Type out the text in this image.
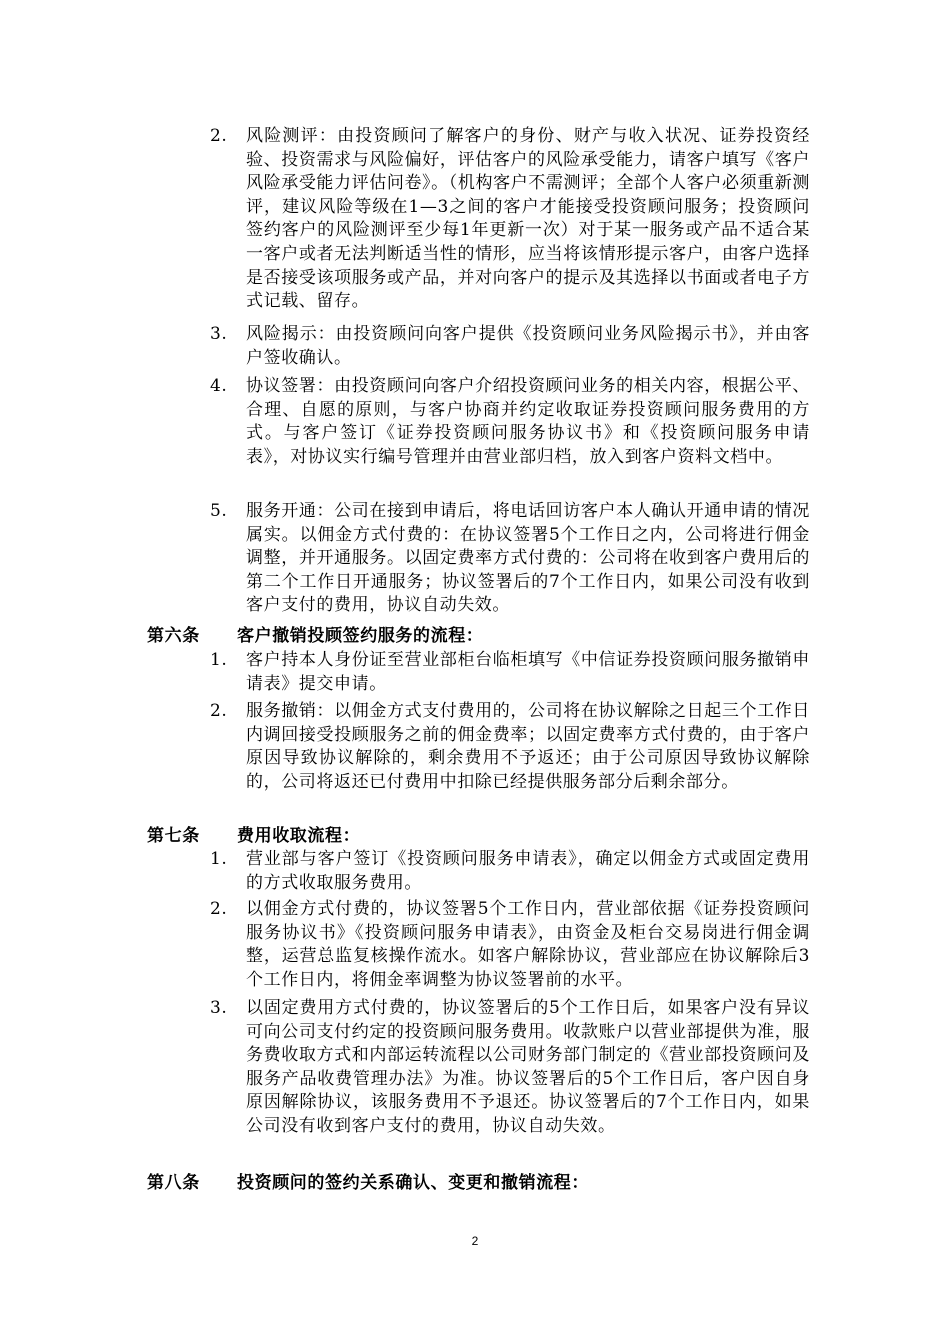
2. 风险测评：由投资顾问了解客户的身份、财产与收入状况、证券投资经验、投资需求与风险偏好，评估客户的风险承受能力，请客户填写《客户风险承受能力评估问卷》。（机构客户不需测评；全部个人客户必须重新测评，建议风险等级在1—3之间的客户才能接受投资顾问服务；投资顾问签约客户的风险测评至少每1年更新一次）对于某一服务或产品不适合某一客户或者无法判断适当性的情形，应当将该情形提示客户，由客户选择是否接受该项服务或产品，并对向客户的提示及其选择以书面或者电子方式记载、留存。
3. 风险揭示：由投资顾问向客户提供《投资顾问业务风险揭示书》，并由客户签收确认。
4. 协议签署：由投资顾问向客户介绍投资顾问业务的相关内容，根据公平、合理、自愿的原则，与客户协商并约定收取证券投资顾问服务费用的方式。与客户签订《证券投资顾问服务协议书》和《投资顾问服务申请表》，对协议实行编号管理并由营业部归档，放入到客户资料文档中。
5. 服务开通：公司在接到申请后，将电话回访客户本人确认开通申请的情况属实。以佣金方式付费的：在协议签署5个工作日之内，公司将进行佣金调整，并开通服务。以固定费率方式付费的：公司将在收到客户费用后的第二个工作日开通服务；协议签署后的7个工作日内，如果公司没有收到客户支付的费用，协议自动失效。
第六条 客户撤销投顾签约服务的流程：
1. 客户持本人身份证至营业部柜台临柜填写《中信证券投资顾问服务撤销申请表》提交申请。
2. 服务撤销：以佣金方式支付费用的，公司将在协议解除之日起三个工作日内调回接受投顾服务之前的佣金费率；以固定费率方式付费的，由于客户原因导致协议解除的，剩余费用不予返还；由于公司原因导致协议解除的，公司将返还已付费用中扣除已经提供服务部分后剩余部分。
第七条 费用收取流程：
1. 营业部与客户签订《投资顾问服务申请表》，确定以佣金方式或固定费用的方式收取服务费用。
2. 以佣金方式付费的，协议签署5个工作日内，营业部依据《证券投资顾问服务协议书》《投资顾问服务申请表》，由资金及柜台交易岗进行佣金调整，运营总监复核操作流水。如客户解除协议，营业部应在协议解除后3个工作日内，将佣金率调整为协议签署前的水平。
3. 以固定费用方式付费的，协议签署后的5个工作日后，如果客户没有异议可向公司支付约定的投资顾问服务费用。收款账户以营业部提供为准，服务费收取方式和内部运转流程以公司财务部门制定的《营业部投资顾问及服务产品收费管理办法》为准。协议签署后的5个工作日后，客户因自身原因解除协议，该服务费用不予退还。协议签署后的7个工作日内，如果公司没有收到客户支付的费用，协议自动失效。
第八条 投资顾问的签约关系确认、变更和撤销流程：
2
